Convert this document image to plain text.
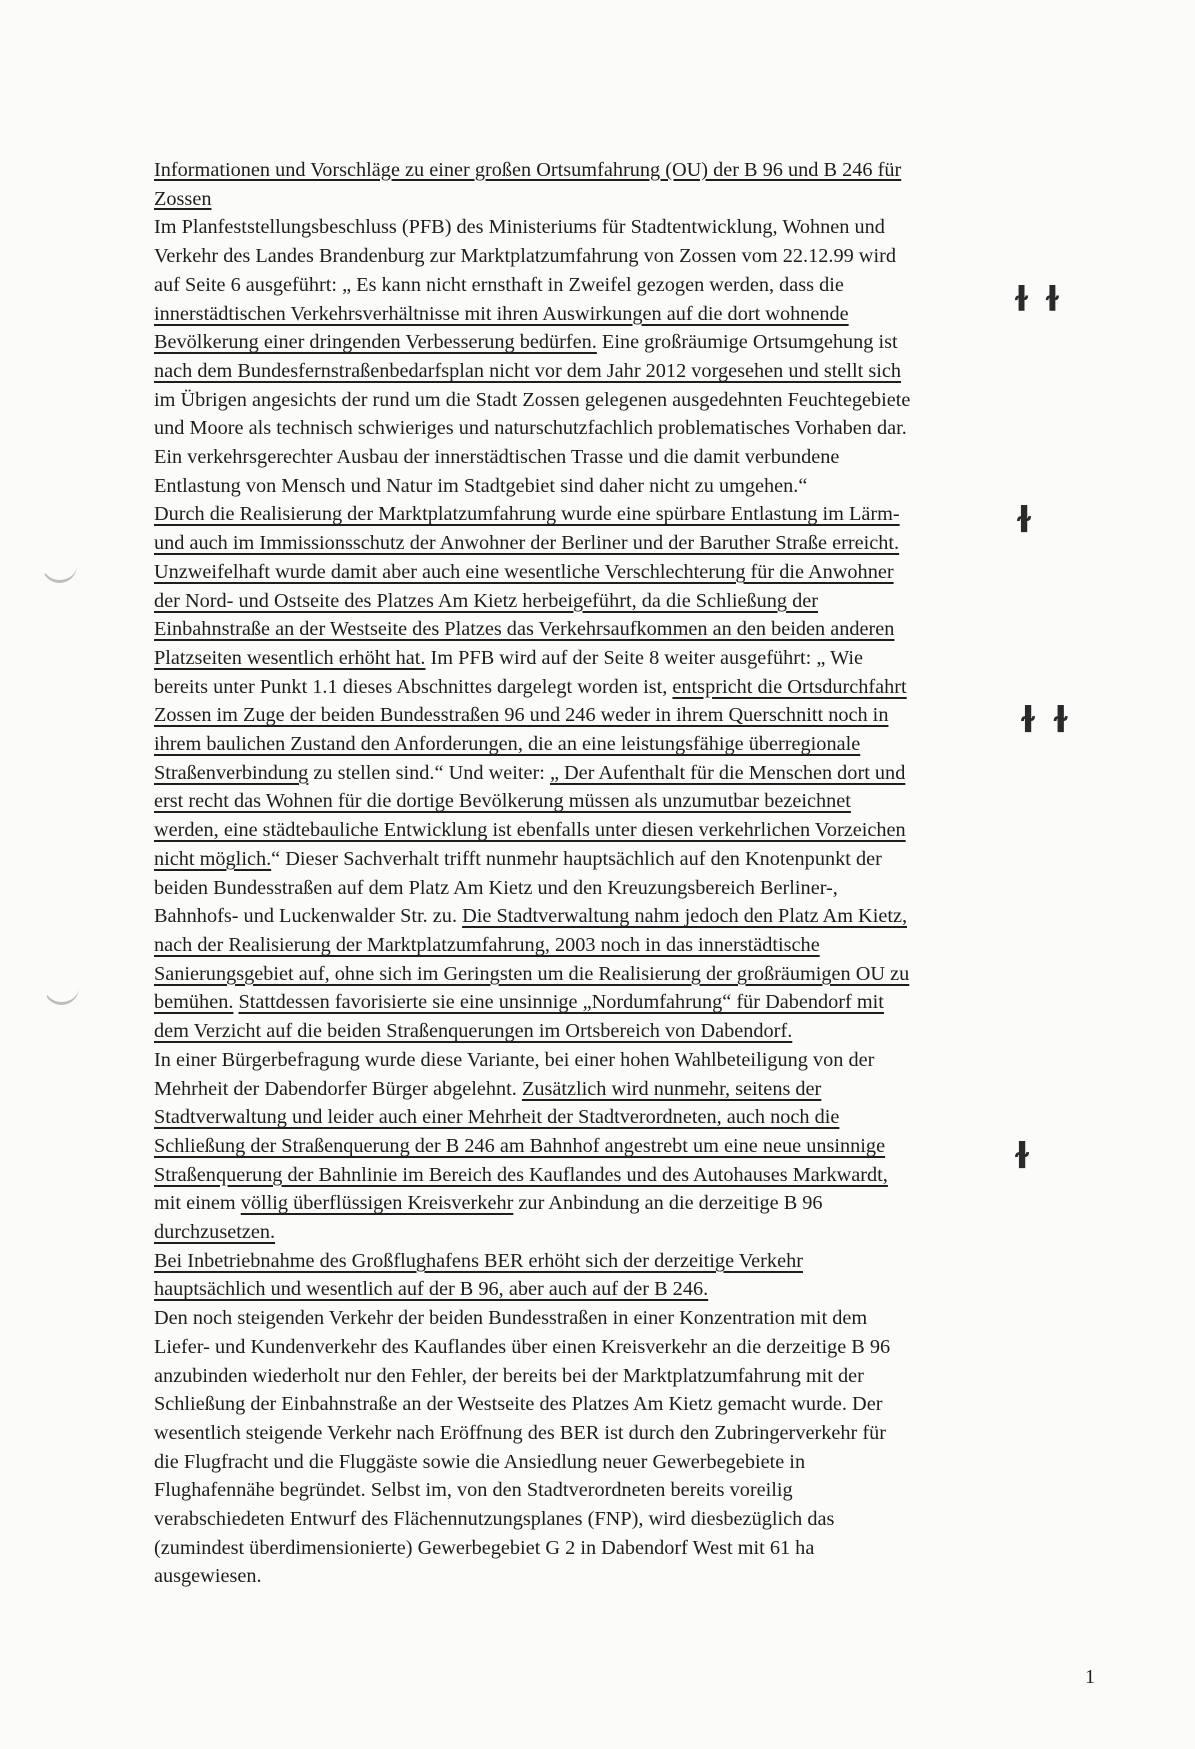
Informationen und Vorschläge zu einer großen Ortsumfahrung (OU) der B 96 und B 246 für
Zossen
Im Planfeststellungsbeschluss (PFB) des Ministeriums für Stadtentwicklung, Wohnen und
Verkehr des Landes Brandenburg zur Marktplatzumfahrung von Zossen vom 22.12.99 wird
auf Seite 6 ausgeführt: „ Es kann nicht ernsthaft in Zweifel gezogen werden, dass die
innerstädtischen Verkehrsverhältnisse mit ihren Auswirkungen auf die dort wohnende
Bevölkerung einer dringenden Verbesserung bedürfen. Eine großräumige Ortsumgehung ist
nach dem Bundesfernstraßenbedarfsplan nicht vor dem Jahr 2012 vorgesehen und stellt sich
im Übrigen angesichts der rund um die Stadt Zossen gelegenen ausgedehnten Feuchtegebiete
und Moore als technisch schwieriges und naturschutzfachlich problematisches Vorhaben dar.
Ein verkehrsgerechter Ausbau der innerstädtischen Trasse und die damit verbundene
Entlastung von Mensch und Natur im Stadtgebiet sind daher nicht zu umgehen.“
Durch die Realisierung der Marktplatzumfahrung wurde eine spürbare Entlastung im Lärm-
und auch im Immissionsschutz der Anwohner der Berliner und der Baruther Straße erreicht.
Unzweifelhaft wurde damit aber auch eine wesentliche Verschlechterung für die Anwohner
der Nord- und Ostseite des Platzes Am Kietz herbeigeführt, da die Schließung der
Einbahnstraße an der Westseite des Platzes das Verkehrsaufkommen an den beiden anderen
Platzseiten wesentlich erhöht hat. Im PFB wird auf der Seite 8 weiter ausgeführt: „ Wie
bereits unter Punkt 1.1 dieses Abschnittes dargelegt worden ist, entspricht die Ortsdurchfahrt
Zossen im Zuge der beiden Bundesstraßen 96 und 246 weder in ihrem Querschnitt noch in
ihrem baulichen Zustand den Anforderungen, die an eine leistungsfähige überregionale
Straßenverbindung zu stellen sind.“ Und weiter: „ Der Aufenthalt für die Menschen dort und
erst recht das Wohnen für die dortige Bevölkerung müssen als unzumutbar bezeichnet
werden, eine städtebauliche Entwicklung ist ebenfalls unter diesen verkehrlichen Vorzeichen
nicht möglich.“ Dieser Sachverhalt trifft nunmehr hauptsächlich auf den Knotenpunkt der
beiden Bundesstraßen auf dem Platz Am Kietz und den Kreuzungsbereich Berliner-,
Bahnhofs- und Luckenwalder Str. zu. Die Stadtverwaltung nahm jedoch den Platz Am Kietz,
nach der Realisierung der Marktplatzumfahrung, 2003 noch in das innerstädtische
Sanierungsgebiet auf, ohne sich im Geringsten um die Realisierung der großräumigen OU zu
bemühen. Stattdessen favorisierte sie eine unsinnige „Nordumfahrung“ für Dabendorf mit
dem Verzicht auf die beiden Straßenquerungen im Ortsbereich von Dabendorf.
In einer Bürgerbefragung wurde diese Variante, bei einer hohen Wahlbeteiligung von der
Mehrheit der Dabendorfer Bürger abgelehnt. Zusätzlich wird nunmehr, seitens der
Stadtverwaltung und leider auch einer Mehrheit der Stadtverordneten, auch noch die
Schließung der Straßenquerung der B 246 am Bahnhof angestrebt um eine neue unsinnige
Straßenquerung der Bahnlinie im Bereich des Kauflandes und des Autohauses Markwardt,
mit einem völlig überflüssigen Kreisverkehr zur Anbindung an die derzeitige B 96
durchzusetzen.
Bei Inbetriebnahme des Großflughafens BER erhöht sich der derzeitige Verkehr
hauptsächlich und wesentlich auf der B 96, aber auch auf der B 246.
Den noch steigenden Verkehr der beiden Bundesstraßen in einer Konzentration mit dem
Liefer- und Kundenverkehr des Kauflandes über einen Kreisverkehr an die derzeitige B 96
anzubinden wiederholt nur den Fehler, der bereits bei der Marktplatzumfahrung mit der
Schließung der Einbahnstraße an der Westseite des Platzes Am Kietz gemacht wurde. Der
wesentlich steigende Verkehr nach Eröffnung des BER ist durch den Zubringerverkehr für
die Flugfracht und die Fluggäste sowie die Ansiedlung neuer Gewerbegebiete in
Flughafennähe begründet. Selbst im, von den Stadtverordneten bereits voreilig
verabschiedeten Entwurf des Flächennutzungsplanes (FNP), wird diesbezüglich das
(zumindest überdimensionierte) Gewerbegebiet G 2 in Dabendorf West mit 61 ha
ausgewiesen.
ɫ ɫ
ɫ
ɫ ɫ
ɫ
1
